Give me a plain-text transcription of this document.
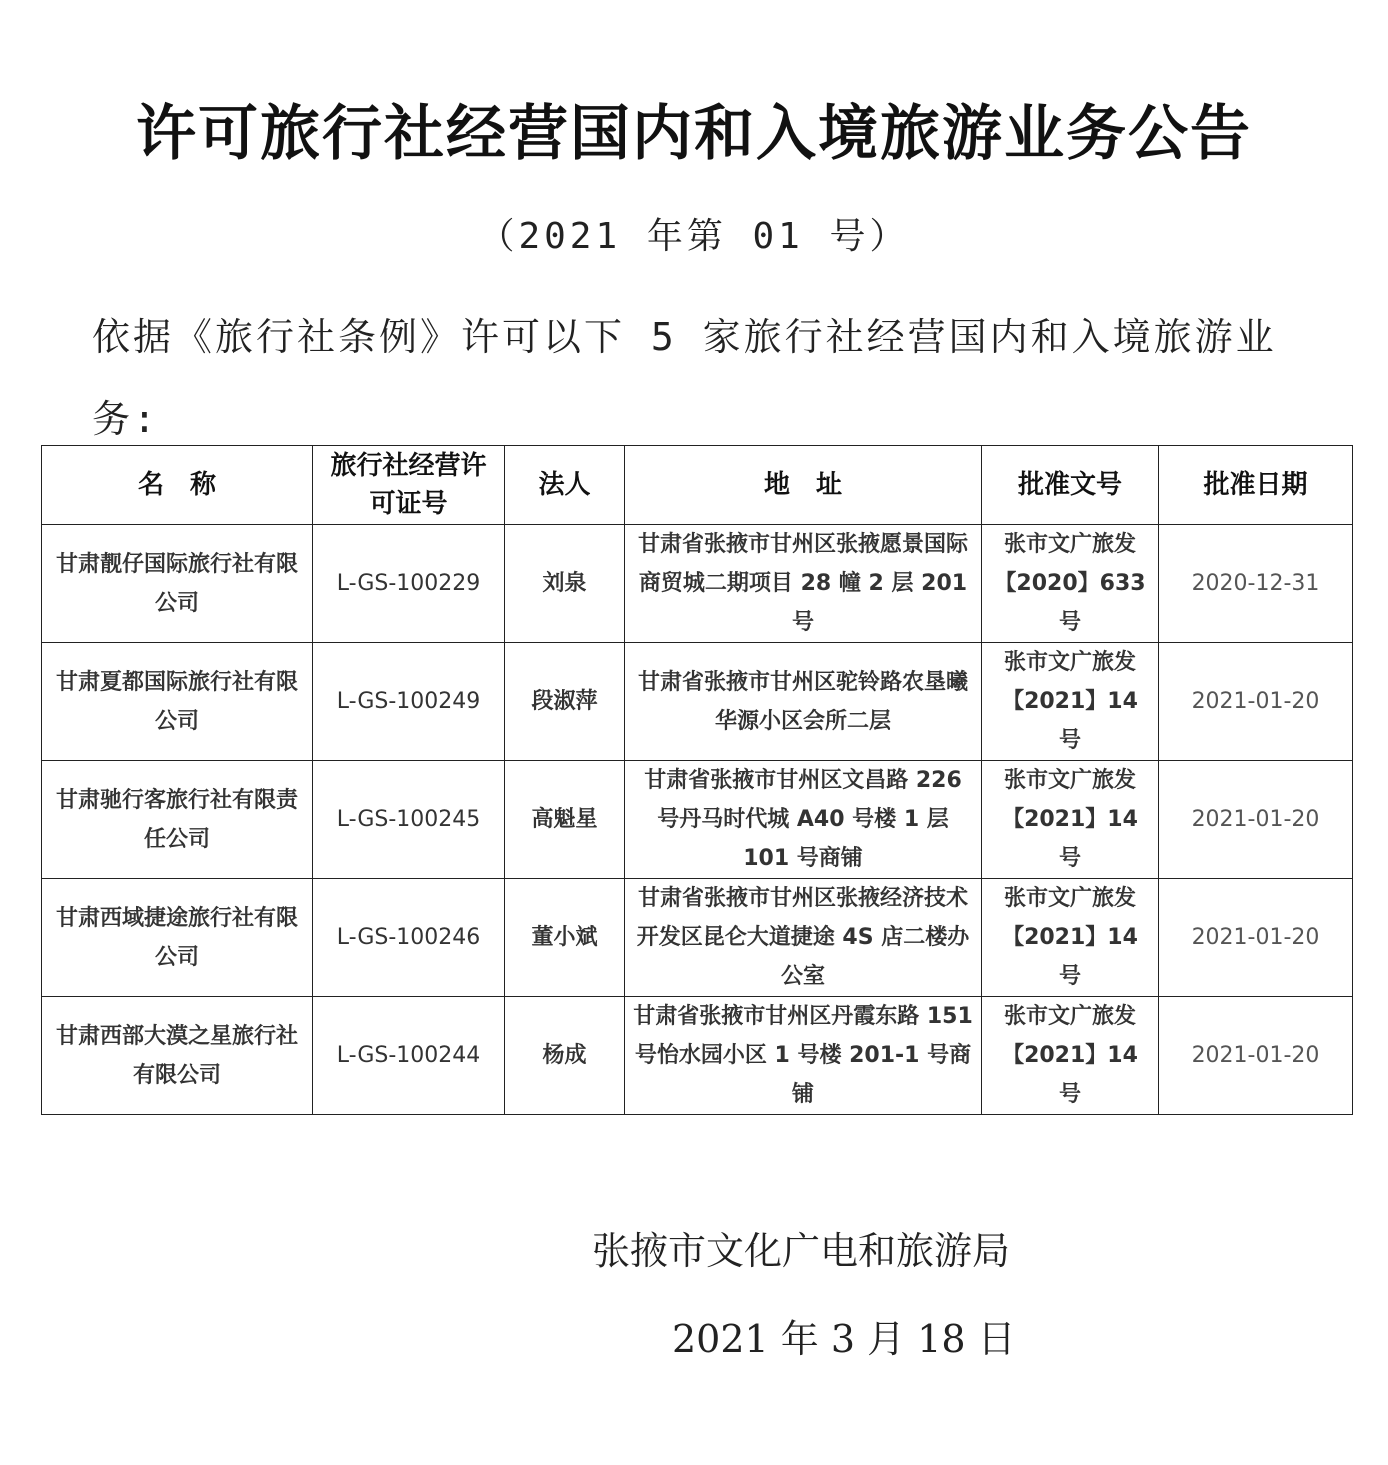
许可旅行社经营国内和入境旅游业务公告
（2021 年第 01 号）
依据《旅行社条例》许可以下 5 家旅行社经营国内和入境旅游业务:
名　称	旅行社经营许可证号	法人	地　址	批准文号	批准日期
甘肃靓仔国际旅行社有限公司	L-GS-100229	刘泉	甘肃省张掖市甘州区张掖愿景国际商贸城二期项目 28 幢 2 层 201 号	张市文广旅发【2020】633 号	2020-12-31
甘肃夏都国际旅行社有限公司	L-GS-100249	段淑萍	甘肃省张掖市甘州区驼铃路农垦曦华源小区会所二层	张市文广旅发【2021】14 号	2021-01-20
甘肃驰行客旅行社有限责任公司	L-GS-100245	高魁星	甘肃省张掖市甘州区文昌路 226 号丹马时代城 A40 号楼 1 层 101 号商铺	张市文广旅发【2021】14 号	2021-01-20
甘肃西域捷途旅行社有限公司	L-GS-100246	董小斌	甘肃省张掖市甘州区张掖经济技术开发区昆仑大道捷途 4S 店二楼办公室	张市文广旅发【2021】14 号	2021-01-20
甘肃西部大漠之星旅行社有限公司	L-GS-100244	杨成	甘肃省张掖市甘州区丹霞东路 151 号怡水园小区 1 号楼 201-1 号商铺	张市文广旅发【2021】14 号	2021-01-20
张掖市文化广电和旅游局
2021 年 3 月 18 日
